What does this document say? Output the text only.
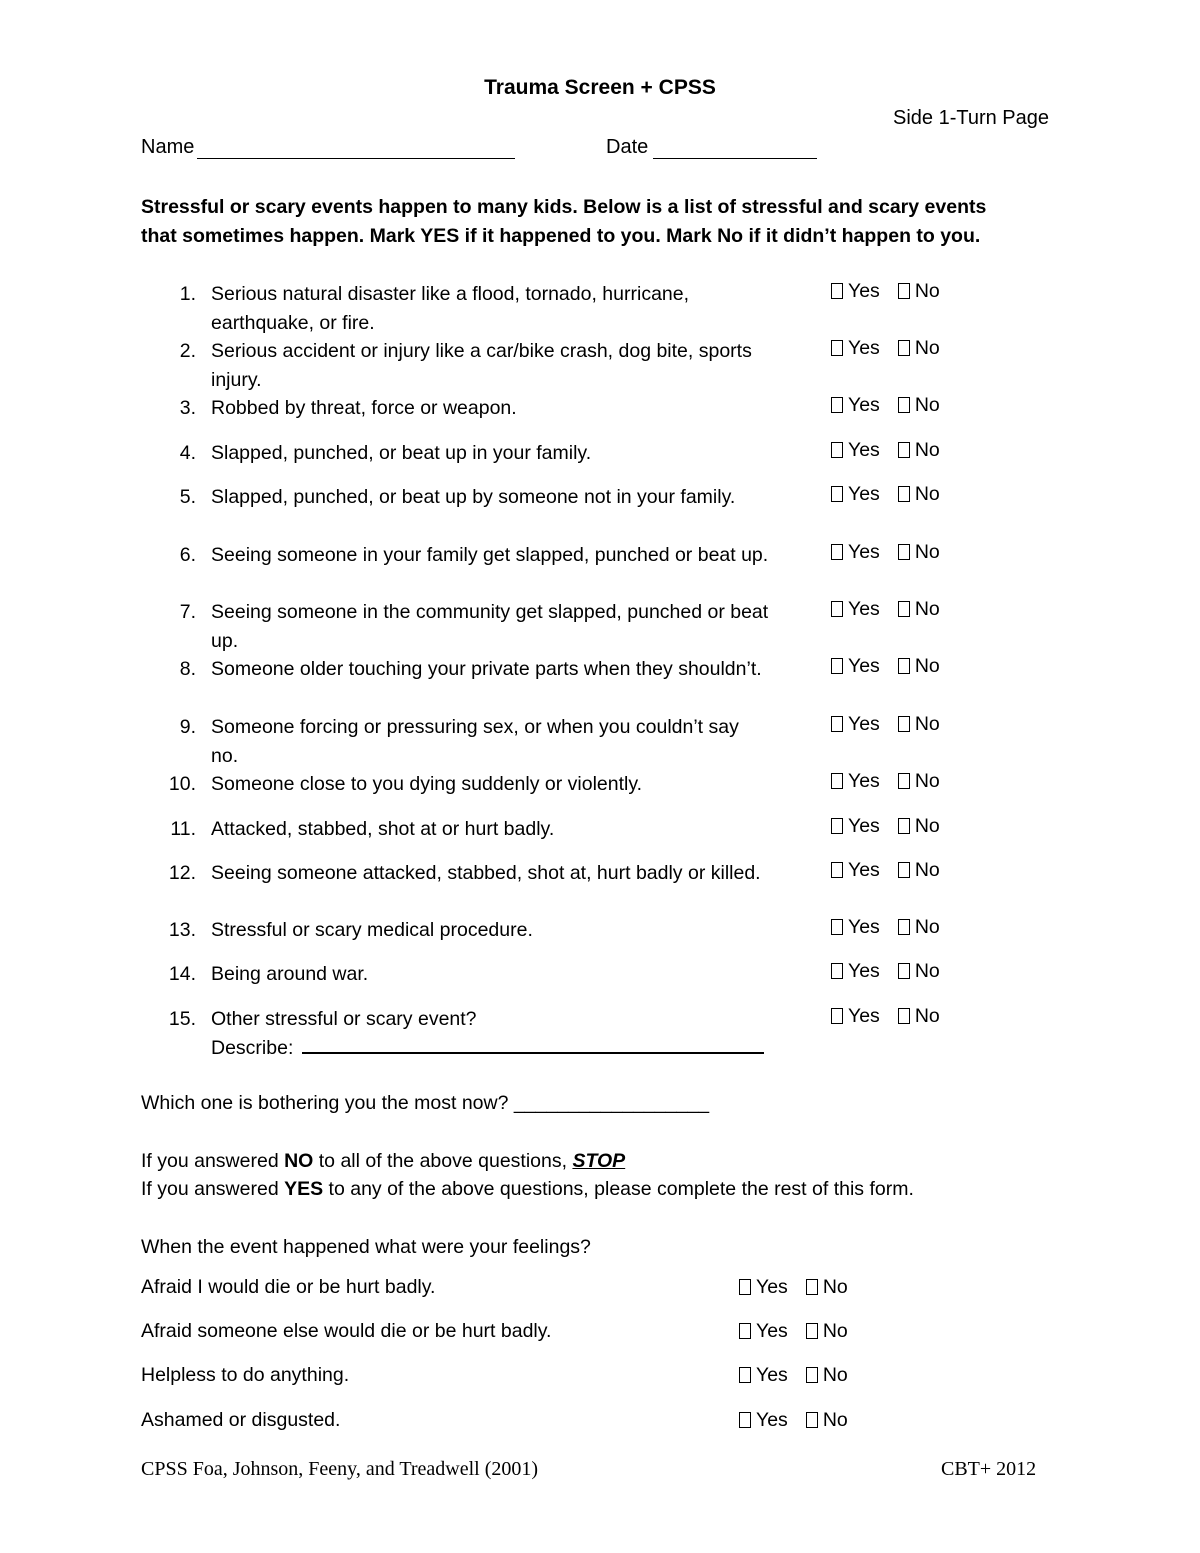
Trauma Screen + CPSS
Side 1-Turn Page
Name	Date
Stressful or scary events happen to many kids. Below is a list of stressful and scary events
that sometimes happen. Mark YES if it happened to you. Mark No if it didn’t happen to you.
1. Serious natural disaster like a flood, tornado, hurricane, earthquake, or fire.
Yes No
2. Serious accident or injury like a car/bike crash, dog bite, sports injury.
Yes No
3. Robbed by threat, force or weapon.	Yes No
4. Slapped, punched, or beat up in your family.	Yes No
5. Slapped, punched, or beat up by someone not in your family.	Yes No
6. Seeing someone in your family get slapped, punched or beat up.	Yes No
7. Seeing someone in the community get slapped, punched or beat up.
Yes No
8. Someone older touching your private parts when they shouldn’t.	Yes No
9. Someone forcing or pressuring sex, or when you couldn’t say no.
Yes No
10. Someone close to you dying suddenly or violently.	Yes No
11. Attacked, stabbed, shot at or hurt badly.	Yes No
12. Seeing someone attacked, stabbed, shot at, hurt badly or killed.	Yes No
13. Stressful or scary medical procedure.	Yes No
14. Being around war.	Yes No
15. Other stressful or scary event?
Describe:
Yes No
Which one is bothering you the most now? __________________
If you answered NO to all of the above questions, STOP
If you answered YES to any of the above questions, please complete the rest of this form.
When the event happened what were your feelings?
Afraid I would die or be hurt badly.	Yes No
Afraid someone else would die or be hurt badly.	Yes No
Helpless to do anything.	Yes No
Ashamed or disgusted.	Yes No
CPSS Foa, Johnson, Feeny, and Treadwell (2001)	CBT+ 2012
